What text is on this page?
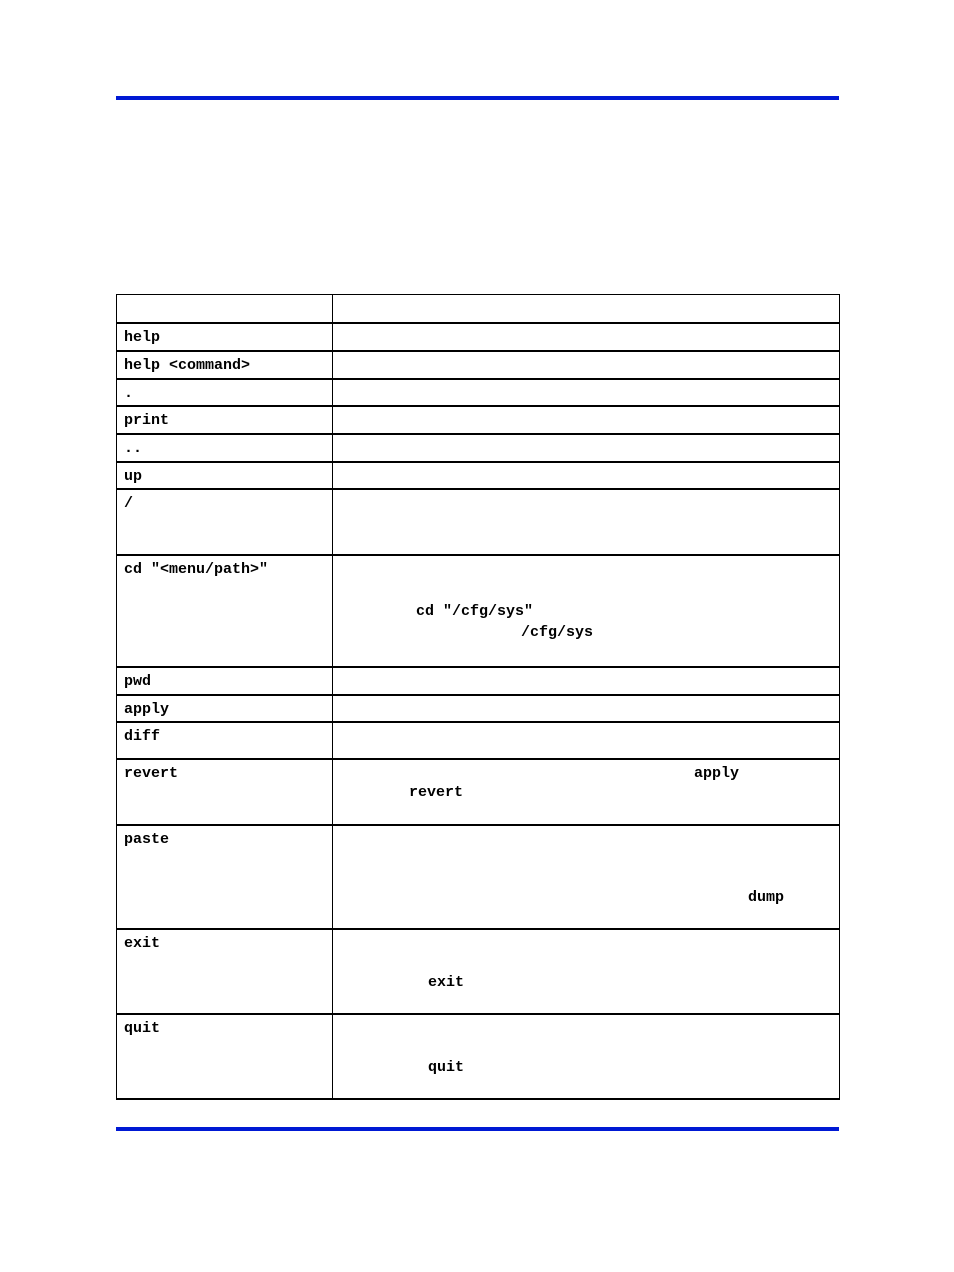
help	

help <command>	

.	

print	

..	

up	

/	

cd "<menu/path>"	cd "/cfg/sys"
/cfg/sys

pwd	

apply	

diff	

revert	apply
revert

paste	dump

exit	exit

quit	quit
